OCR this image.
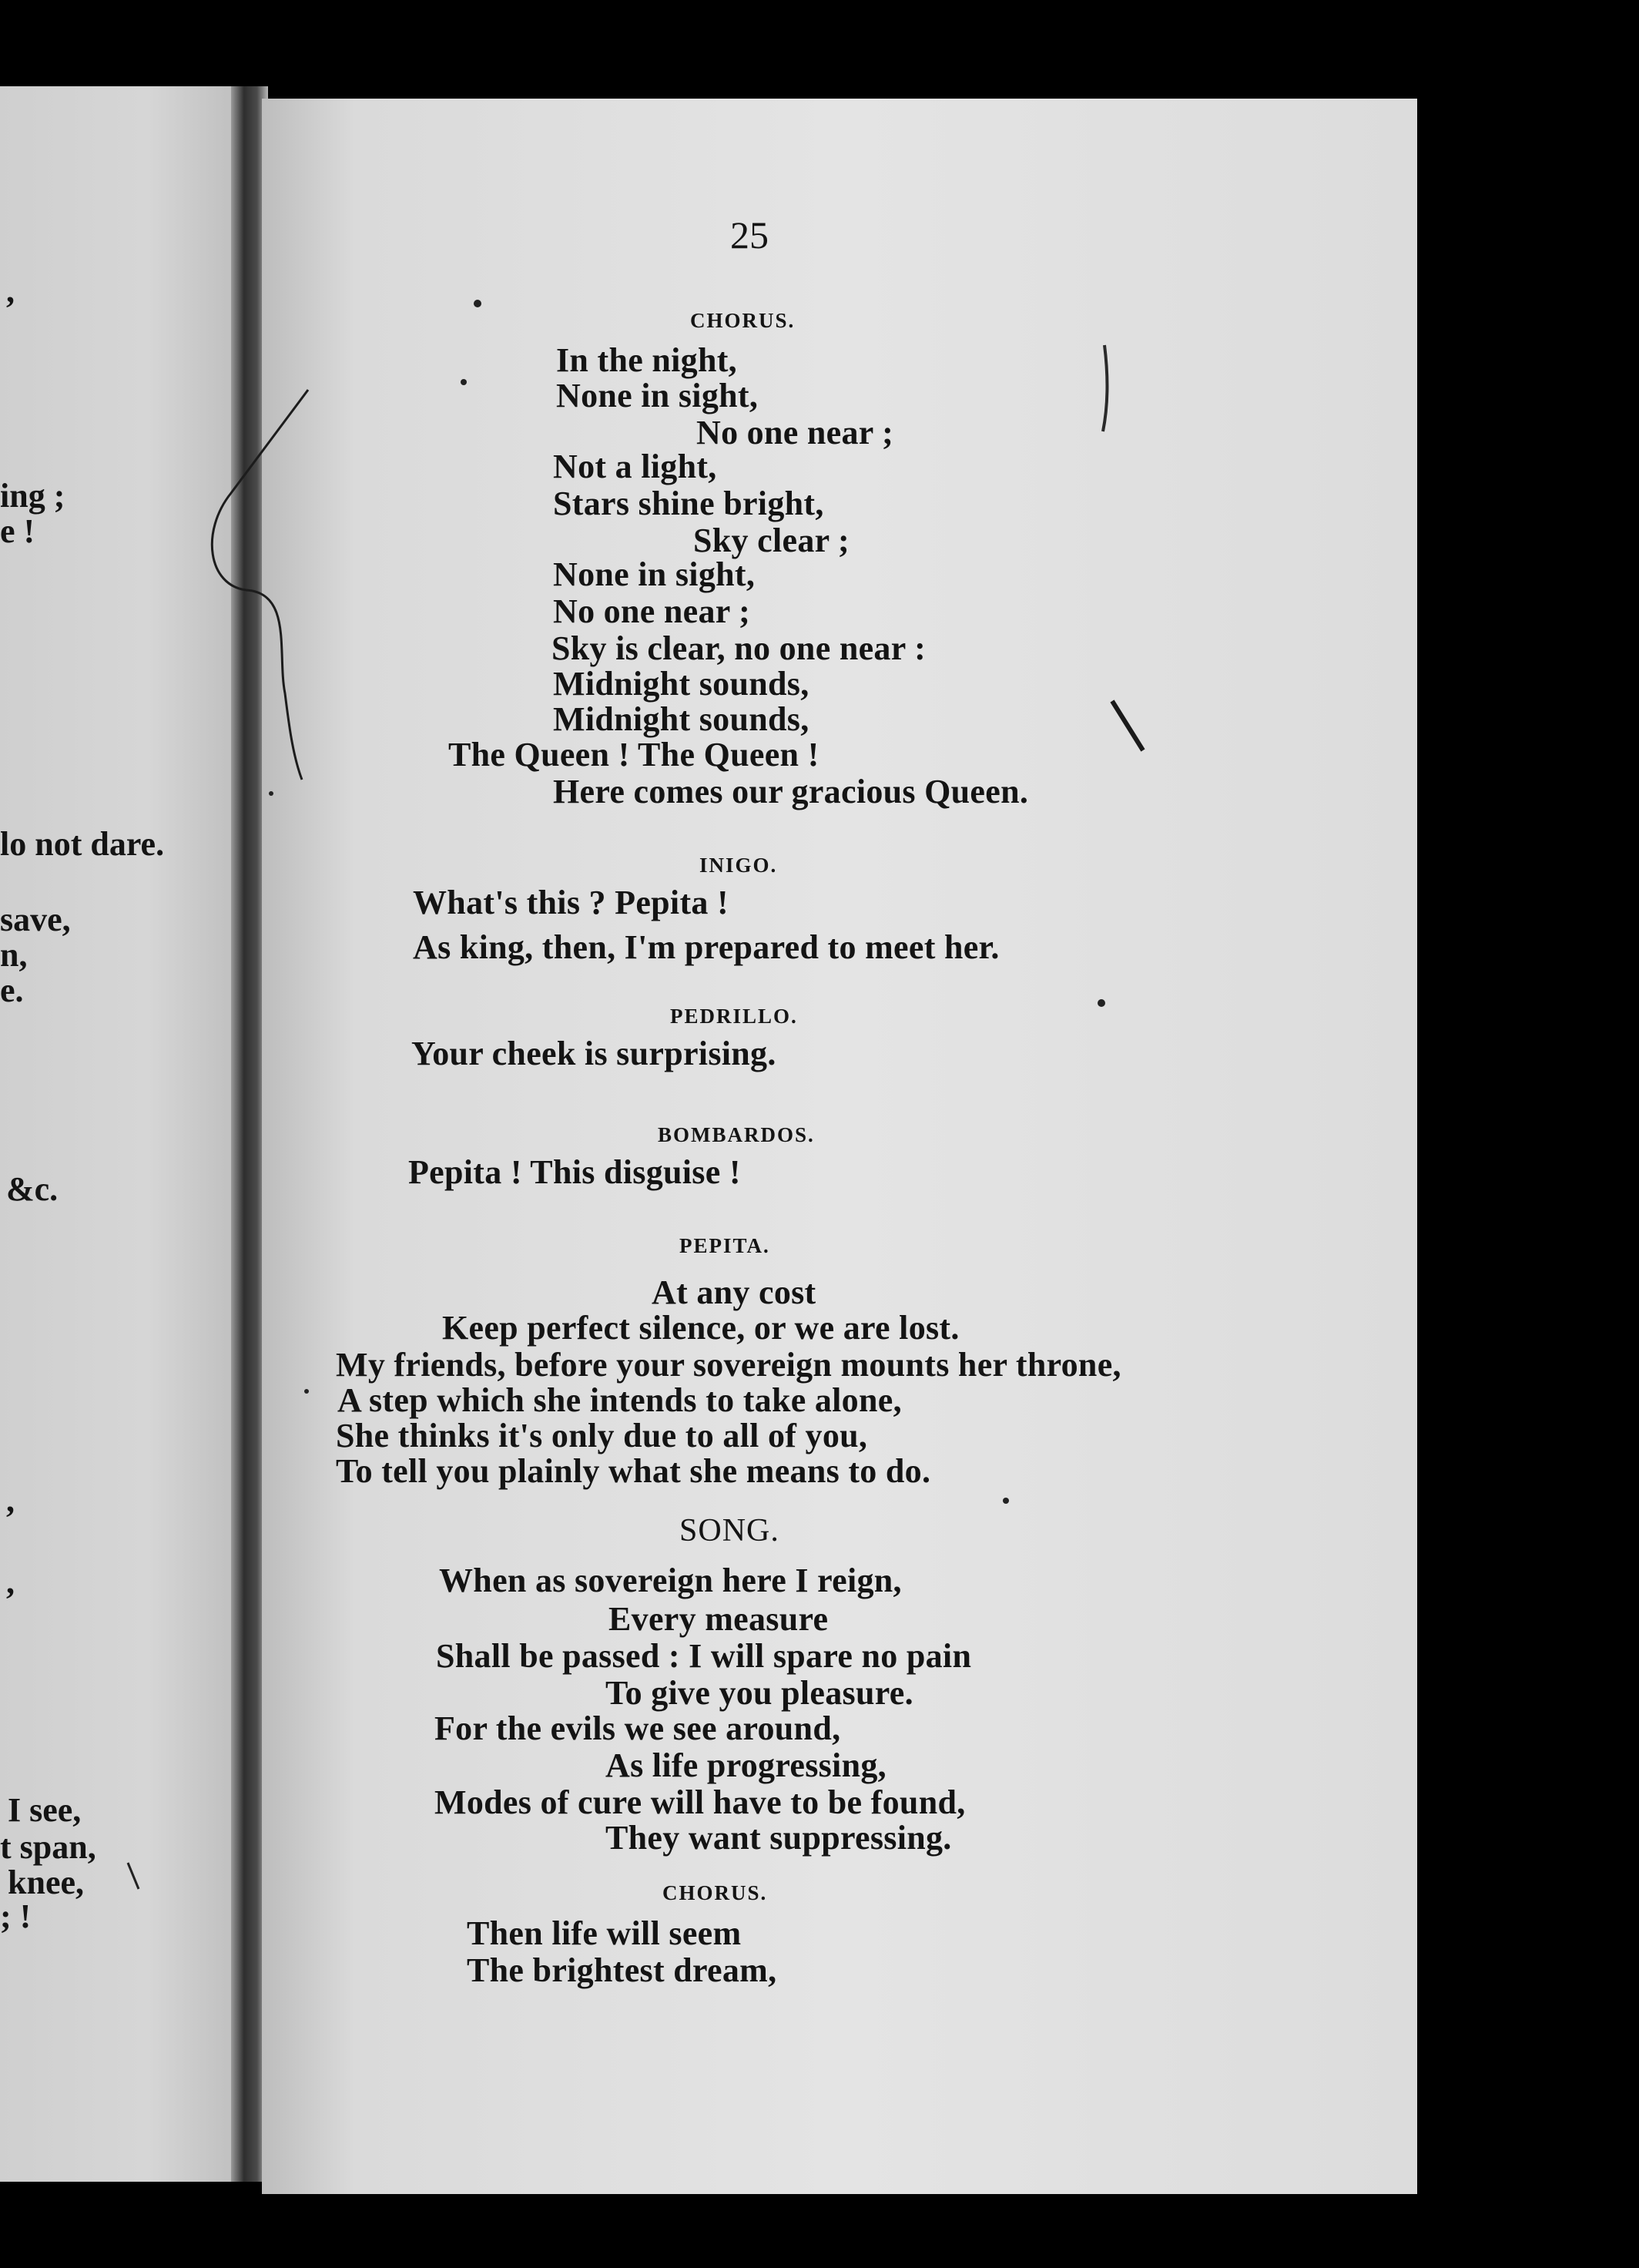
,
ing ;
e !
lo not dare.
save,
n,
e.
&c.
,
,
I see,
t span,
knee,
; !
25
CHORUS.
In the night,
None in sight,
No one near ;
Not a light,
Stars shine bright,
Sky clear ;
None in sight,
No one near ;
Sky is clear, no one near :
Midnight sounds,
Midnight sounds,
The Queen ! The Queen !
Here comes our gracious Queen.
INIGO.
What's this ? Pepita !
As king, then, I'm prepared to meet her.
PEDRILLO.
Your cheek is surprising.
BOMBARDOS.
Pepita ! This disguise !
PEPITA.
At any cost
Keep perfect silence, or we are lost.
My friends, before your sovereign mounts her throne,
A step which she intends to take alone,
She thinks it's only due to all of you,
To tell you plainly what she means to do.
SONG.
When as sovereign here I reign,
Every measure
Shall be passed : I will spare no pain
To give you pleasure.
For the evils we see around,
As life progressing,
Modes of cure will have to be found,
They want suppressing.
CHORUS.
Then life will seem
The brightest dream,
